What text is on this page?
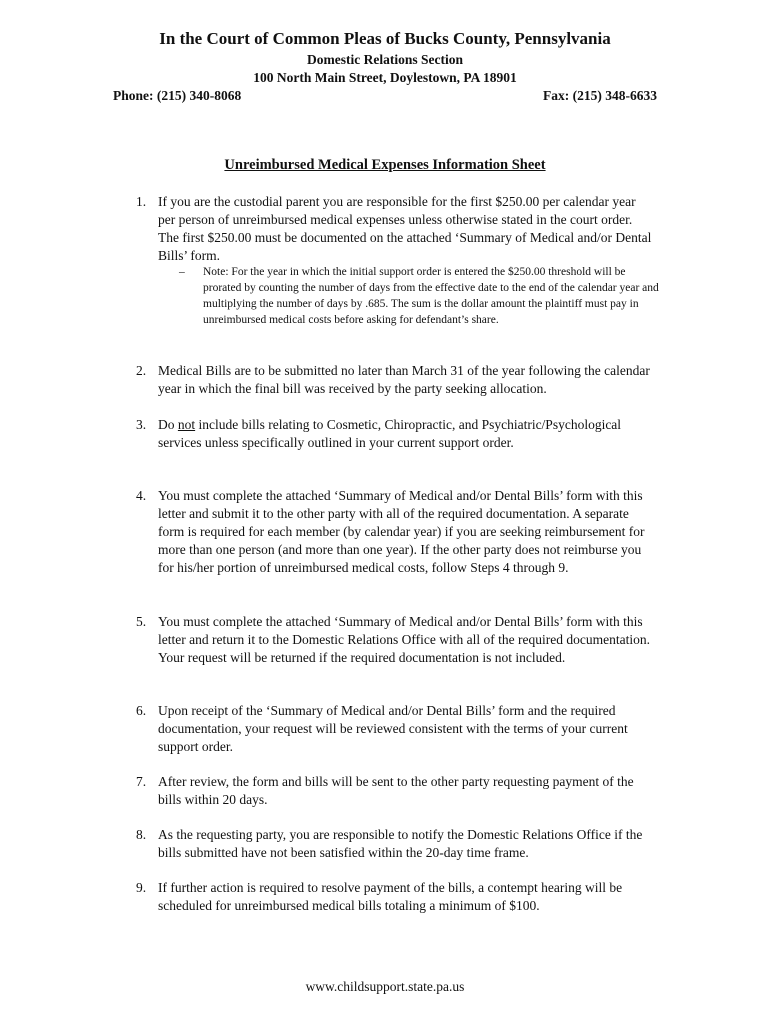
In the Court of Common Pleas of Bucks County, Pennsylvania
Domestic Relations Section
100 North Main Street, Doylestown, PA 18901
Phone: (215) 340-8068	Fax: (215) 348-6633
Unreimbursed Medical Expenses Information Sheet
1. If you are the custodial parent you are responsible for the first $250.00 per calendar year per person of unreimbursed medical expenses unless otherwise stated in the court order. The first $250.00 must be documented on the attached ‘Summary of Medical and/or Dental Bills’ form.
– Note: For the year in which the initial support order is entered the $250.00 threshold will be prorated by counting the number of days from the effective date to the end of the calendar year and multiplying the number of days by .685. The sum is the dollar amount the plaintiff must pay in unreimbursed medical costs before asking for defendant’s share.
2. Medical Bills are to be submitted no later than March 31 of the year following the calendar year in which the final bill was received by the party seeking allocation.
3. Do not include bills relating to Cosmetic, Chiropractic, and Psychiatric/Psychological services unless specifically outlined in your current support order.
4. You must complete the attached ‘Summary of Medical and/or Dental Bills’ form with this letter and submit it to the other party with all of the required documentation. A separate form is required for each member (by calendar year) if you are seeking reimbursement for more than one person (and more than one year). If the other party does not reimburse you for his/her portion of unreimbursed medical costs, follow Steps 4 through 9.
5. You must complete the attached ‘Summary of Medical and/or Dental Bills’ form with this letter and return it to the Domestic Relations Office with all of the required documentation. Your request will be returned if the required documentation is not included.
6. Upon receipt of the ‘Summary of Medical and/or Dental Bills’ form and the required documentation, your request will be reviewed consistent with the terms of your current support order.
7. After review, the form and bills will be sent to the other party requesting payment of the bills within 20 days.
8. As the requesting party, you are responsible to notify the Domestic Relations Office if the bills submitted have not been satisfied within the 20-day time frame.
9. If further action is required to resolve payment of the bills, a contempt hearing will be scheduled for unreimbursed medical bills totaling a minimum of $100.
www.childsupport.state.pa.us
